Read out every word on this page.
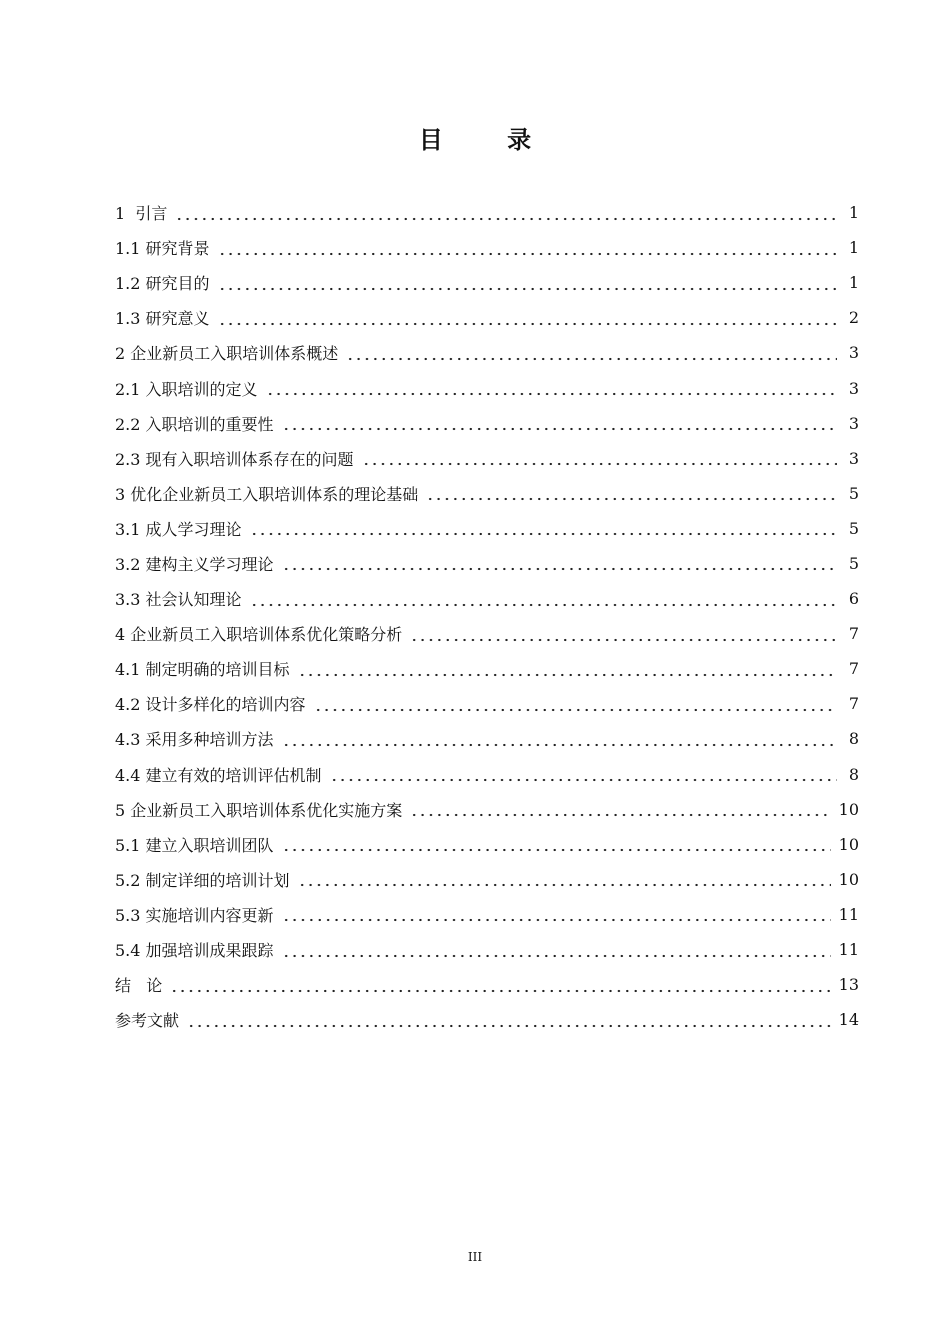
目 录
1  引言	1
1.1 研究背景	1
1.2 研究目的	1
1.3 研究意义	2
2 企业新员工入职培训体系概述	3
2.1 入职培训的定义	3
2.2 入职培训的重要性	3
2.3 现有入职培训体系存在的问题	3
3 优化企业新员工入职培训体系的理论基础	5
3.1 成人学习理论	5
3.2 建构主义学习理论	5
3.3 社会认知理论	6
4 企业新员工入职培训体系优化策略分析	7
4.1 制定明确的培训目标	7
4.2 设计多样化的培训内容	7
4.3 采用多种培训方法	8
4.4 建立有效的培训评估机制	8
5 企业新员工入职培训体系优化实施方案	10
5.1 建立入职培训团队	10
5.2 制定详细的培训计划	10
5.3 实施培训内容更新	11
5.4 加强培训成果跟踪	11
结   论	13
参考文献	14
III
